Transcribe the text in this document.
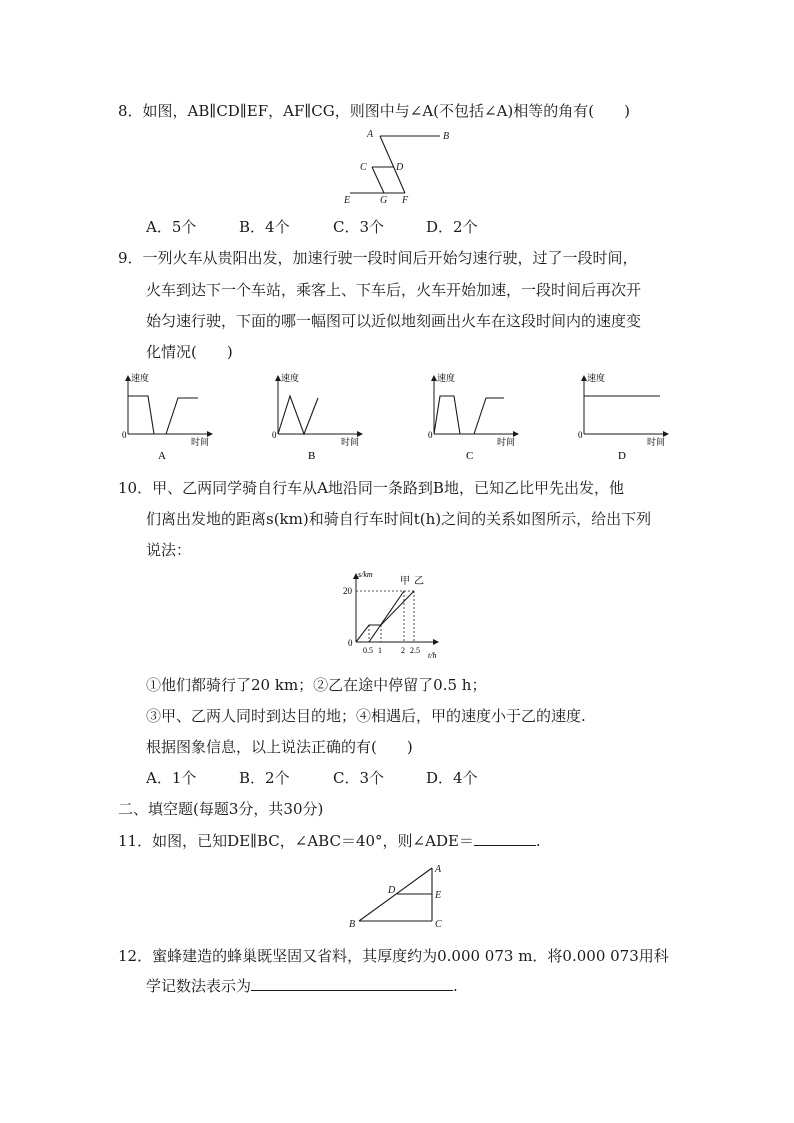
8．如图，AB∥CD∥EF，AF∥CG，则图中与∠A(不包括∠A)相等的角有(　　)
A	B
C	D
E	G F
A．5个	B．4个	C．3个	D．2个
9．一列火车从贵阳出发，加速行驶一段时间后开始匀速行驶，过了一段时间，
火车到达下一个车站，乘客上、下车后，火车开始加速，一段时间后再次开
始匀速行驶，下面的哪一幅图可以近似地刻画出火车在这段时间内的速度变
化情况(　　)
速度
时间
0
A
速度
时间
0
B
速度
时间
0
C
速度
时间
0
D
10．甲、乙两同学骑自行车从A地沿同一条路到B地，已知乙比甲先出发，他
们离出发地的距离s(km)和骑自行车时间t(h)之间的关系如图所示，给出下列
说法：
s/km
20
0
0.5 1 2 2.5
t/h
甲 乙
①他们都骑行了20 km；②乙在途中停留了0.5 h；
③甲、乙两人同时到达目的地；④相遇后，甲的速度小于乙的速度.
根据图象信息，以上说法正确的有(　　)
A．1个	B．2个	C．3个	D．4个
二、填空题(每题3分，共30分)
11．如图，已知DE∥BC，∠ABC＝40°，则∠ADE＝	.
A
D	E
B	C
12．蜜蜂建造的蜂巢既坚固又省料，其厚度约为0.000 073 m．将0.000 073用科
学记数法表示为	.
